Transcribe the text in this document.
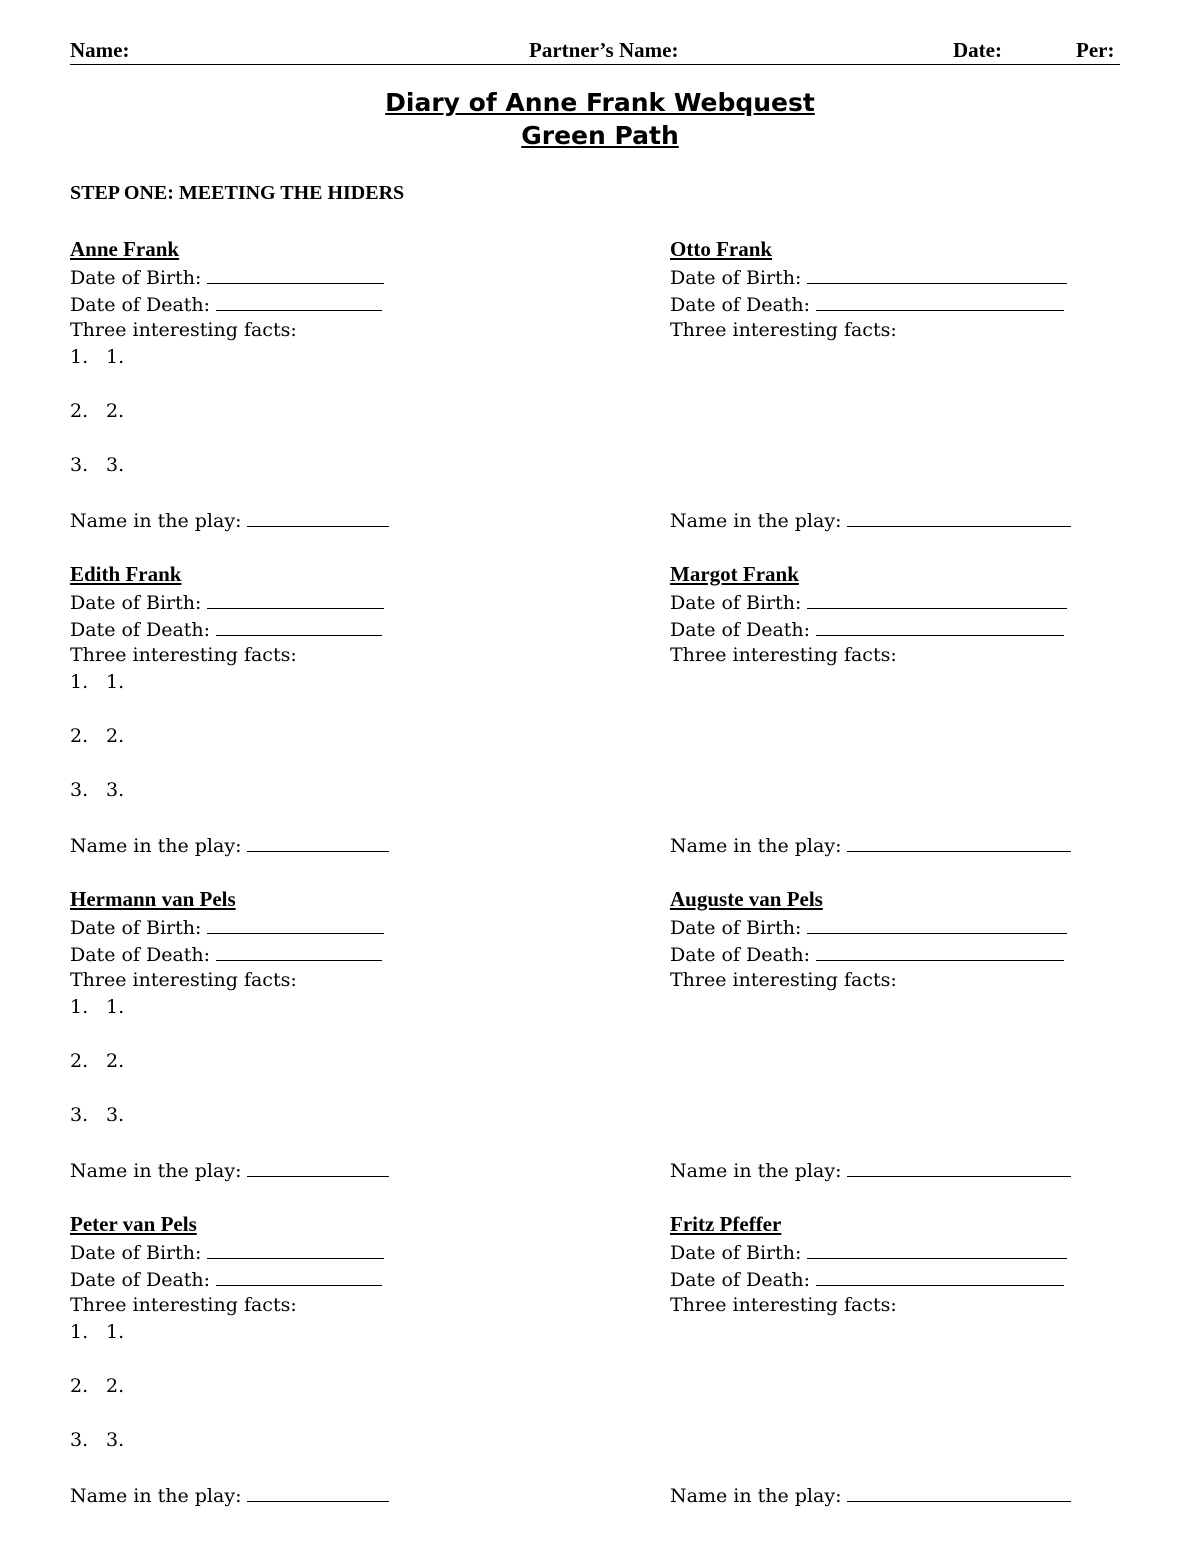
Name:	Partner’s Name:	Date:	Per:
Diary of Anne Frank Webquest
Green Path
STEP ONE: MEETING THE HIDERS
Anne Frank
Date of Birth:
Date of Death:
Three interesting facts:
1. 1.
2. 2.
3. 3.
Name in the play:
Otto Frank
Date of Birth:
Date of Death:
Three interesting facts:
Name in the play:
Edith Frank
Date of Birth:
Date of Death:
Three interesting facts:
1. 1.
2. 2.
3. 3.
Name in the play:
Margot Frank
Date of Birth:
Date of Death:
Three interesting facts:
Name in the play:
Hermann van Pels
Date of Birth:
Date of Death:
Three interesting facts:
1. 1.
2. 2.
3. 3.
Name in the play:
Auguste van Pels
Date of Birth:
Date of Death:
Three interesting facts:
Name in the play:
Peter van Pels
Date of Birth:
Date of Death:
Three interesting facts:
1. 1.
2. 2.
3. 3.
Name in the play:
Fritz Pfeffer
Date of Birth:
Date of Death:
Three interesting facts:
Name in the play:
